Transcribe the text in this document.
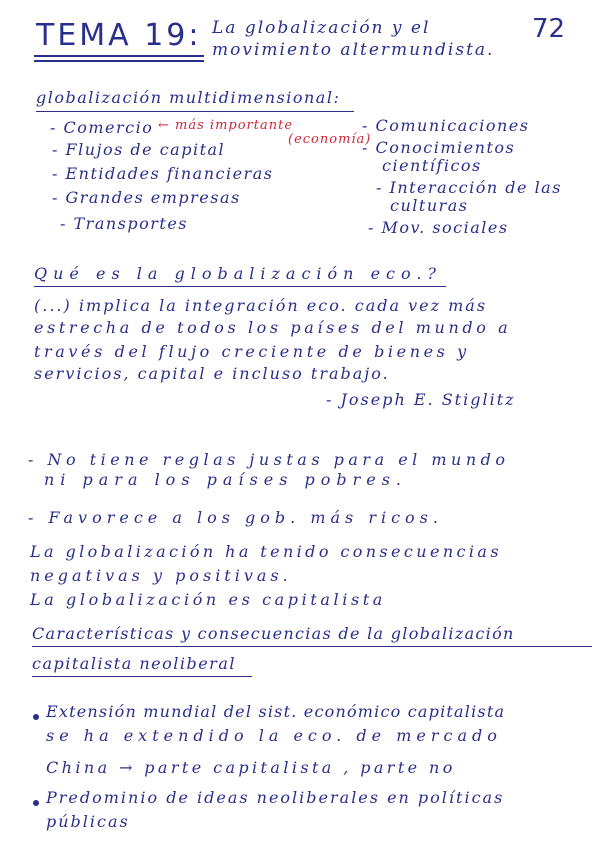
TEMA 19: La globalización y el
movimiento altermundista.
72
globalización multidimensional:
- Comercio ← más importante
(economía)
- Flujos de capital
- Entidades financieras
- Grandes empresas
- Transportes
- Comunicaciones
- Conocimientos
científicos
- Interacción de las
culturas
- Mov. sociales
Qué es la globalización eco.?
(...) implica la integración eco. cada vez más
estrecha de todos los países del mundo a
través del flujo creciente de bienes y
servicios, capital e incluso trabajo.
- Joseph E. Stiglitz
- No tiene reglas justas para el mundo
ni para los países pobres.
- Favorece a los gob. más ricos.
La globalización ha tenido consecuencias
negativas y positivas.
La globalización es capitalista
Características y consecuencias de la globalización
capitalista neoliberal
Extensión mundial del sist. económico capitalista
se ha extendido la eco. de mercado
China → parte capitalista , parte no
Predominio de ideas neoliberales en políticas
públicas
